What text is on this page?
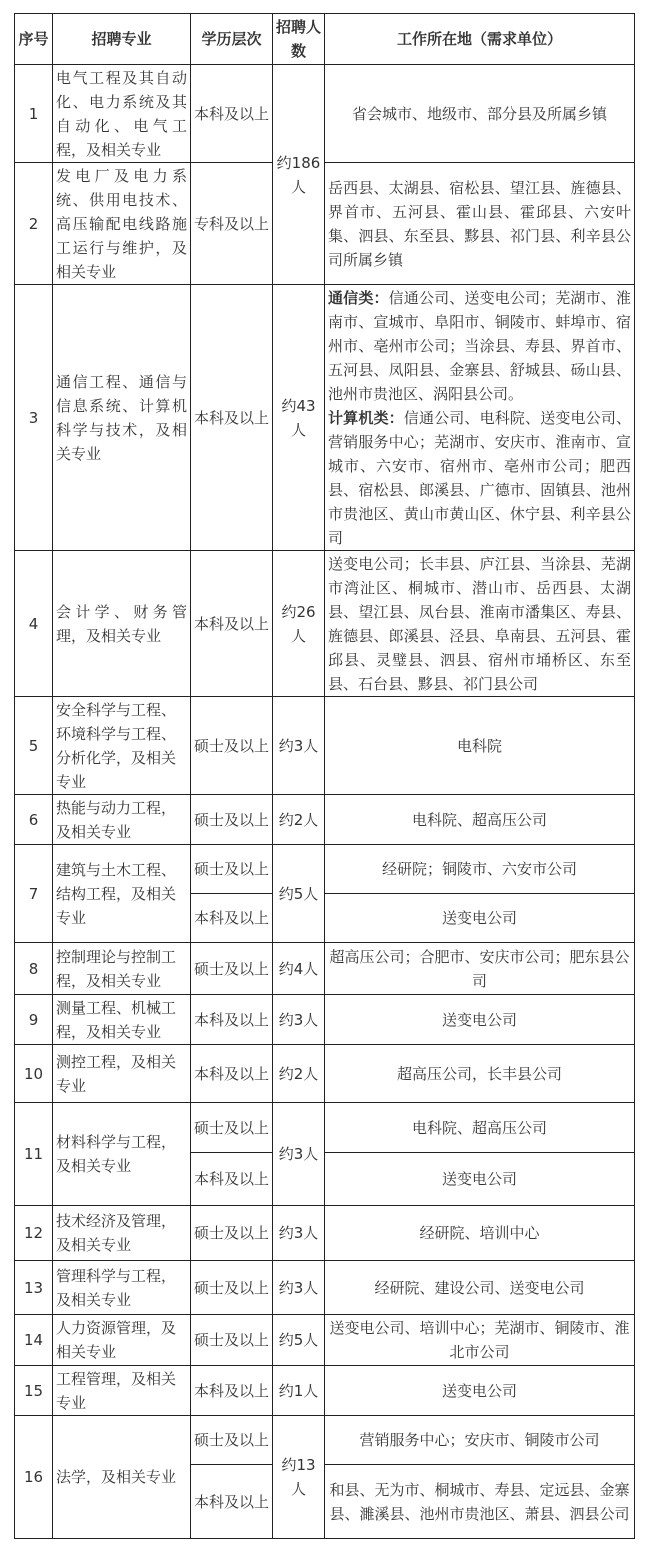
序号	招聘专业	学历层次	招聘人数	工作所在地（需求单位）
1	电气工程及其自动化、电力系统及其自动化、电气工程，及相关专业	本科及以上	约186人	省会城市、地级市、部分县及所属乡镇
2	发电厂及电力系统、供用电技术、高压输配电线路施工运行与维护，及相关专业	专科及以上		岳西县、太湖县、宿松县、望江县、旌德县、界首市、五河县、霍山县、霍邱县、六安叶集、泗县、东至县、黟县、祁门县、利辛县公司所属乡镇
3	通信工程、通信与信息系统、计算机科学与技术，及相关专业	本科及以上	约43人	通信类：信通公司、送变电公司；芜湖市、淮南市、宣城市、阜阳市、铜陵市、蚌埠市、宿州市、亳州市公司；当涂县、寿县、界首市、五河县、凤阳县、金寨县、舒城县、砀山县、池州市贵池区、涡阳县公司。
计算机类：信通公司、电科院、送变电公司、营销服务中心；芜湖市、安庆市、淮南市、宣城市、六安市、宿州市、亳州市公司；肥西县、宿松县、郎溪县、广德市、固镇县、池州市贵池区、黄山市黄山区、休宁县、利辛县公司
4	会计学、财务管理，及相关专业	本科及以上	约26人	送变电公司；长丰县、庐江县、当涂县、芜湖市湾沚区、桐城市、潜山市、岳西县、太湖县、望江县、凤台县、淮南市潘集区、寿县、旌德县、郎溪县、泾县、阜南县、五河县、霍邱县、灵璧县、泗县、宿州市埇桥区、东至县、石台县、黟县、祁门县公司
5	安全科学与工程、环境科学与工程、分析化学，及相关专业	硕士及以上	约3人	电科院
6	热能与动力工程，及相关专业	硕士及以上	约2人	电科院、超高压公司
7	建筑与土木工程、结构工程，及相关专业	硕士及以上	约5人	经研院；铜陵市、六安市公司
		本科及以上		送变电公司
8	控制理论与控制工程，及相关专业	硕士及以上	约4人	超高压公司；合肥市、安庆市公司；肥东县公司
9	测量工程、机械工程，及相关专业	本科及以上	约3人	送变电公司
10	测控工程，及相关专业	本科及以上	约2人	超高压公司，长丰县公司
11	材料科学与工程，及相关专业	硕士及以上	约3人	电科院、超高压公司
		本科及以上		送变电公司
12	技术经济及管理，及相关专业	硕士及以上	约3人	经研院、培训中心
13	管理科学与工程，及相关专业	硕士及以上	约3人	经研院、建设公司、送变电公司
14	人力资源管理，及相关专业	硕士及以上	约5人	送变电公司、培训中心；芜湖市、铜陵市、淮北市公司
15	工程管理，及相关专业	本科及以上	约1人	送变电公司
16	法学，及相关专业	硕士及以上	约13人	营销服务中心；安庆市、铜陵市公司
		本科及以上		和县、无为市、桐城市、寿县、定远县、金寨县、濉溪县、池州市贵池区、萧县、泗县公司
